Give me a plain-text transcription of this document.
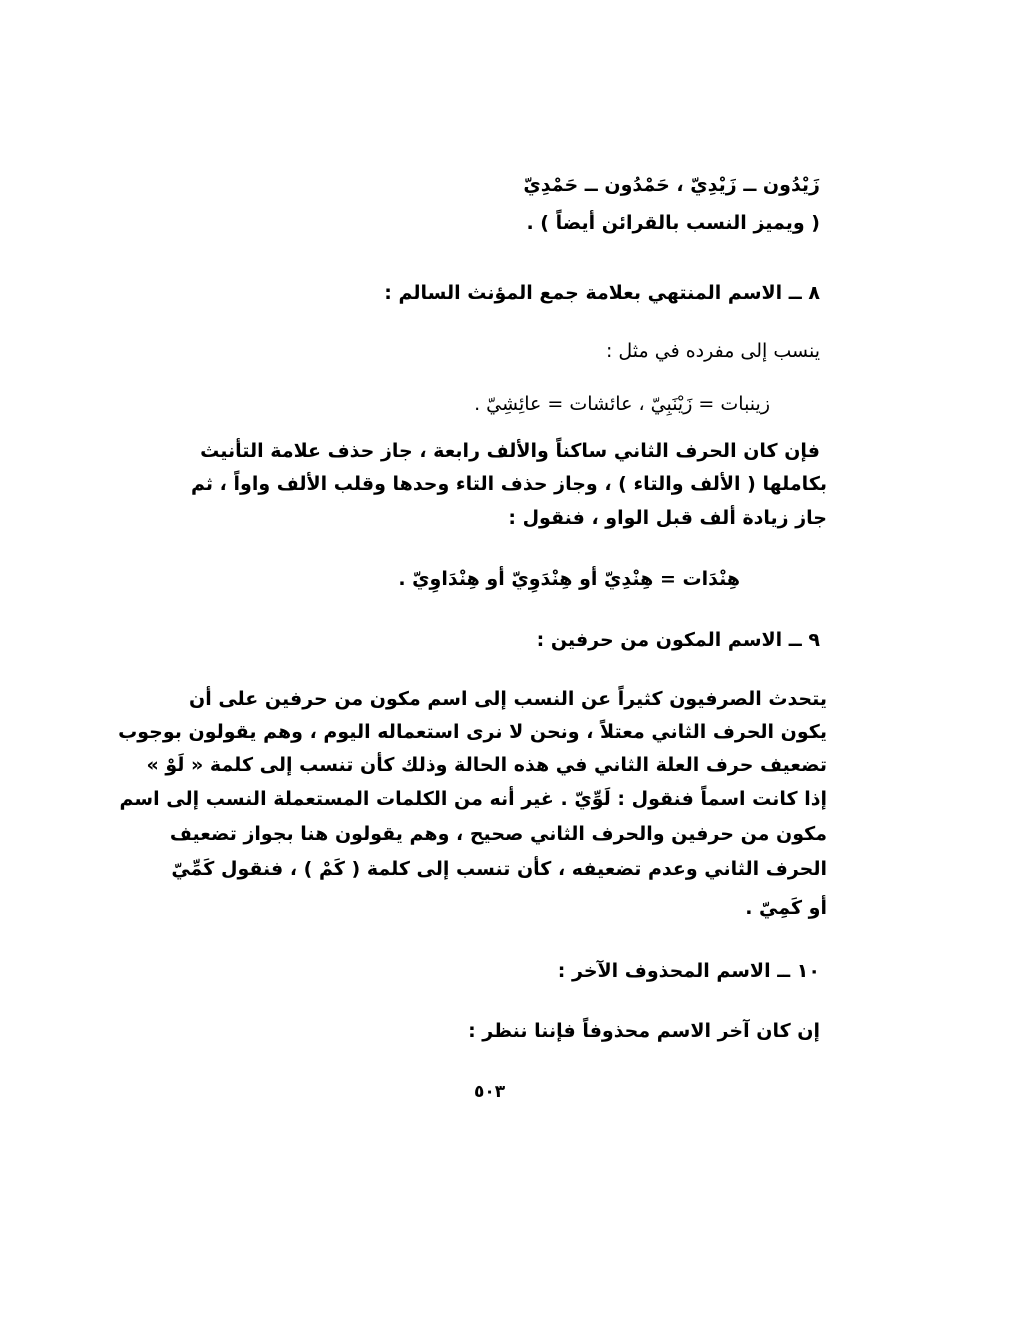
زَيْدُون ــ زَيْدِيّ ، حَمْدُون ــ حَمْدِيّ
( ويميز النسب بالقرائن أيضاً ) .
٨ ــ الاسم المنتهي بعلامة جمع المؤنث السالم :
ينسب إلى مفرده في مثل :
زينبات = زَيْنَبِيّ ، عائشات = عائِشِيّ .
فإن كان الحرف الثاني ساكناً والألف رابعة ، جاز حذف علامة التأنيث
بكاملها ( الألف والتاء ) ، وجاز حذف التاء وحدها وقلب الألف واواً ، ثم
جاز زيادة ألف قبل الواو ، فنقول :
هِنْدَات = هِنْدِيّ أو هِنْدَوِيّ أو هِنْدَاوِيّ .
٩ ــ الاسم المكون من حرفين :
يتحدث الصرفيون كثيراً عن النسب إلى اسم مكون من حرفين على أن
يكون الحرف الثاني معتلاً ، ونحن لا نرى استعماله اليوم ، وهم يقولون بوجوب
تضعيف حرف العلة الثاني في هذه الحالة وذلك كأن تنسب إلى كلمة « لَوْ »
إذا كانت اسماً فنقول : لَوِّيّ . غير أنه من الكلمات المستعملة النسب إلى اسم
مكون من حرفين والحرف الثاني صحيح ، وهم يقولون هنا بجواز تضعيف
الحرف الثاني وعدم تضعيفه ، كأن تنسب إلى كلمة ( كَمْ ) ، فنقول كَمِّيّ
أو كَمِيّ .
١٠ ــ الاسم المحذوف الآخر :
إن كان آخر الاسم محذوفاً فإننا ننظر :
٥٠٣
